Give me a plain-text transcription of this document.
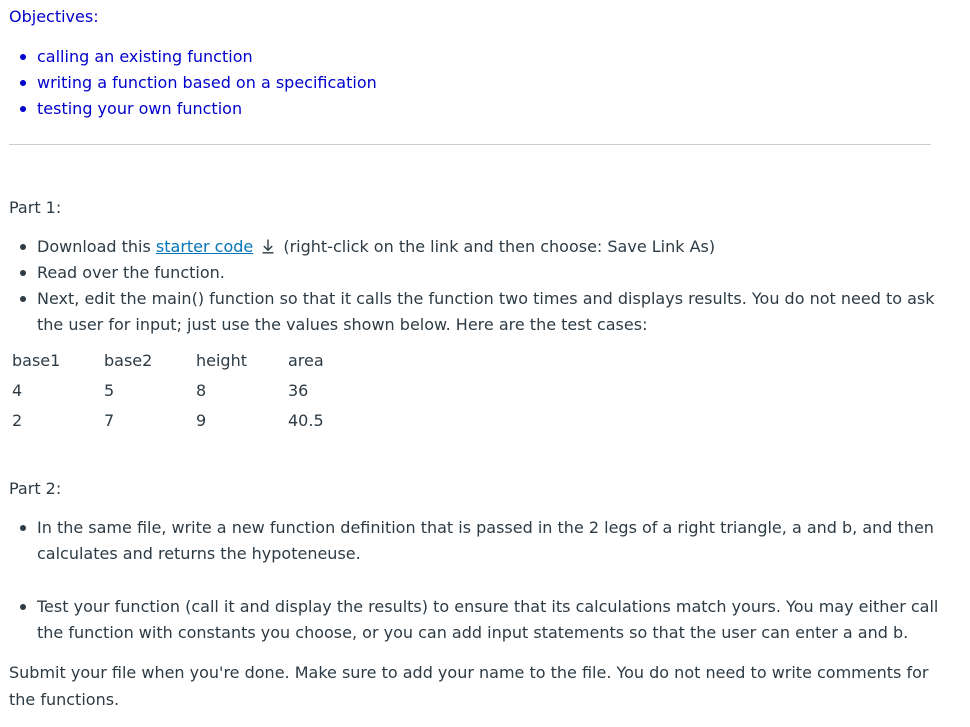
Objectives:
calling an existing function
writing a function based on a specification
testing your own function
Part 1:
Download this starter code (right-click on the link and then choose: Save Link As)
Read over the function.
Next, edit the main() function so that it calls the function two times and displays results. You do not need to ask the user for input; just use the values shown below. Here are the test cases:
base1	base2	height	area
4	5	8	36
2	7	9	40.5
Part 2:
In the same file, write a new function definition that is passed in the 2 legs of a right triangle, a and b, and then calculates and returns the hypoteneuse.
Test your function (call it and display the results) to ensure that its calculations match yours. You may either call the function with constants you choose, or you can add input statements so that the user can enter a and b.
Submit your file when you're done. Make sure to add your name to the file. You do not need to write comments for the functions.
